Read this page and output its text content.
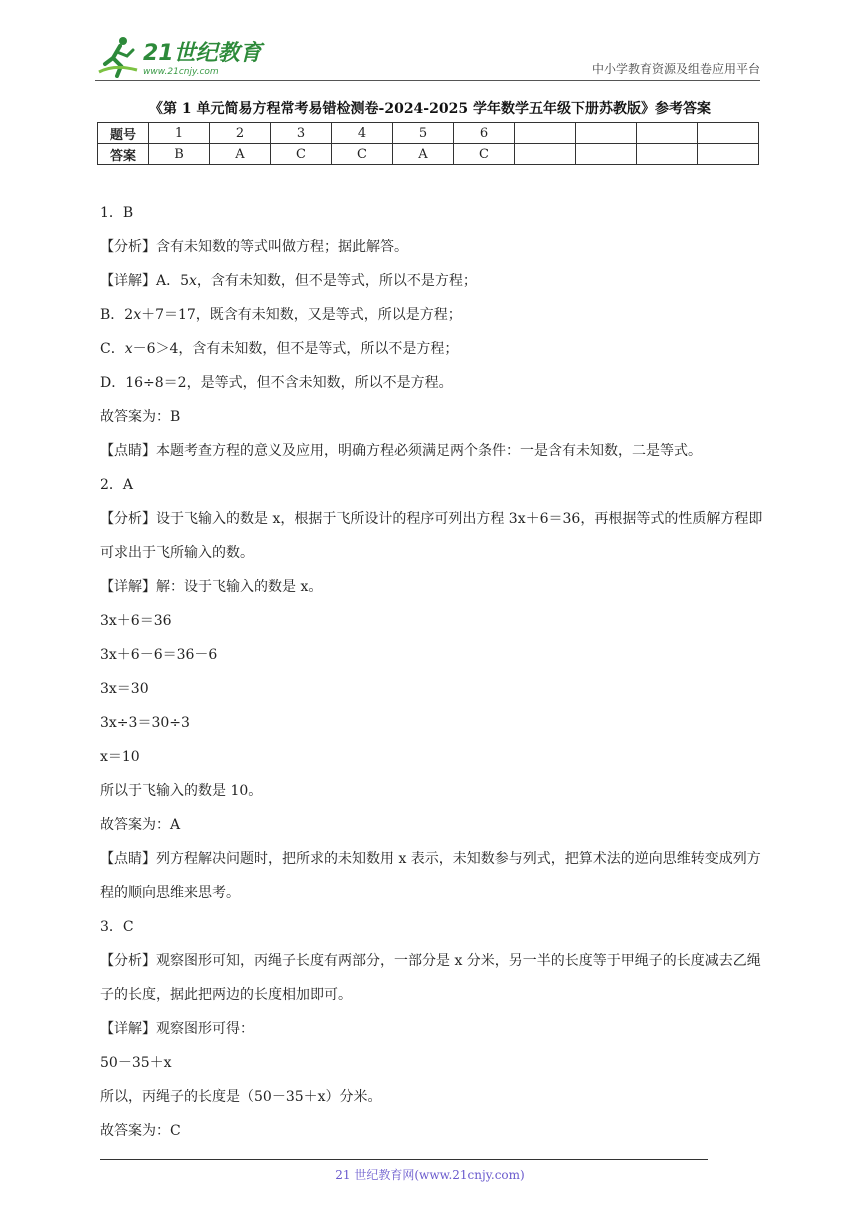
21世纪教育
www.21cnjy.com	中小学教育资源及组卷应用平台
《第 1 单元简易方程常考易错检测卷-2024-2025 学年数学五年级下册苏教版》参考答案
题号	1	2	3	4	5	6				
答案	B	A	C	C	A	C				

1．B

【分析】含有未知数的等式叫做方程；据此解答。

【详解】A．5𝑥，含有未知数，但不是等式，所以不是方程；

B．2𝑥＋7＝17，既含有未知数，又是等式，所以是方程；

C．𝑥－6＞4，含有未知数，但不是等式，所以不是方程；

D．16÷8＝2，是等式，但不含未知数，所以不是方程。

故答案为：B

【点睛】本题考查方程的意义及应用，明确方程必须满足两个条件：一是含有未知数，二是等式。

2．A

【分析】设于飞输入的数是 x，根据于飞所设计的程序可列出方程 3x＋6＝36，再根据等式的性质解方程即可求出于飞所输入的数。

【详解】解：设于飞输入的数是 x。

3x＋6＝36

3x＋6－6＝36－6

3x＝30

3x÷3＝30÷3

x＝10

所以于飞输入的数是 10。

故答案为：A

【点睛】列方程解决问题时，把所求的未知数用 x 表示，未知数参与列式，把算术法的逆向思维转变成列方程的顺向思维来思考。

3．C

【分析】观察图形可知，丙绳子长度有两部分，一部分是 x 分米，另一半的长度等于甲绳子的长度减去乙绳子的长度，据此把两边的长度相加即可。

【详解】观察图形可得：

50－35＋x

所以，丙绳子的长度是（50－35＋x）分米。

故答案为：C

21 世纪教育网(www.21cnjy.com)
